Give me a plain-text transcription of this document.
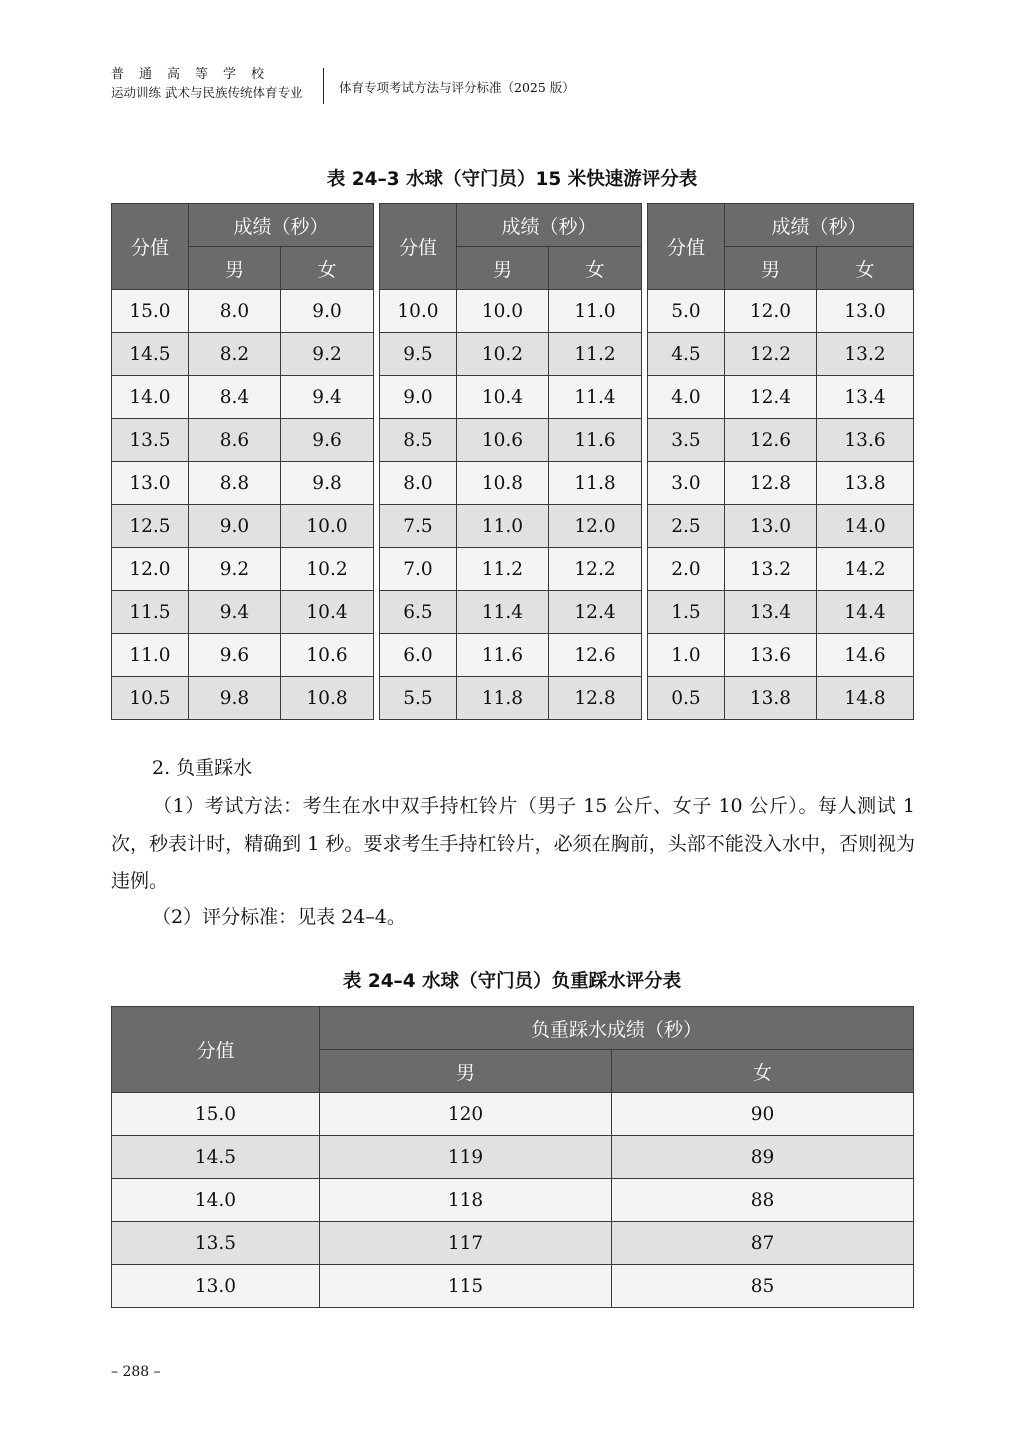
普 通 高 等 学 校
运动训练 武术与民族传统体育专业	体育专项考试方法与评分标准（2025 版）
表 24–3 水球（守门员）15 米快速游评分表
分值	成绩（秒）	
	男	女
15.0	8.0	9.0
14.5	8.2	9.2
14.0	8.4	9.4
13.5	8.6	9.6
13.0	8.8	9.8
12.5	9.0	10.0
12.0	9.2	10.2
11.5	9.4	10.4
11.0	9.6	10.6
10.5	9.8	10.8
分值	成绩（秒）	
	男	女
10.0	10.0	11.0
9.5	10.2	11.2
9.0	10.4	11.4
8.5	10.6	11.6
8.0	10.8	11.8
7.5	11.0	12.0
7.0	11.2	12.2
6.5	11.4	12.4
6.0	11.6	12.6
5.5	11.8	12.8
分值	成绩（秒）	
	男	女
5.0	12.0	13.0
4.5	12.2	13.2
4.0	12.4	13.4
3.5	12.6	13.6
3.0	12.8	13.8
2.5	13.0	14.0
2.0	13.2	14.2
1.5	13.4	14.4
1.0	13.6	14.6
0.5	13.8	14.8
2. 负重踩水
（1）考试方法：考生在水中双手持杠铃片（男子 15 公斤、女子 10 公斤）。每人测试 1 次，秒表计时，精确到 1 秒。要求考生手持杠铃片，必须在胸前，头部不能没入水中，否则视为违例。
（2）评分标准：见表 24–4。
表 24–4 水球（守门员）负重踩水评分表
分值	负重踩水成绩（秒）	
	男	女
15.0	120	90
14.5	119	89
14.0	118	88
13.5	117	87
13.0	115	85
– 288 –
